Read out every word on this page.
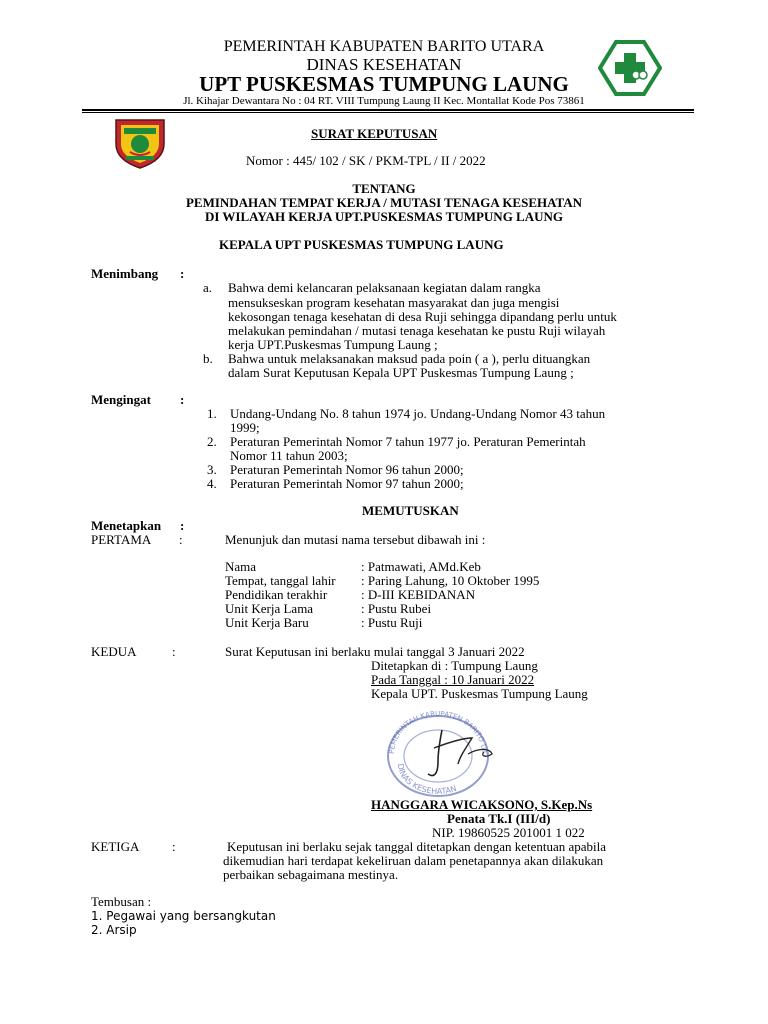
PEMERINTAH KABUPATEN BARITO UTARA
DINAS KESEHATAN
UPT PUSKESMAS TUMPUNG LAUNG
Jl. Kihajar Dewantara No : 04 RT. VIII Tumpung Laung II Kec. Montallat Kode Pos 73861
SURAT KEPUTUSAN
Nomor : 445/ 102 / SK / PKM-TPL / II / 2022
TENTANG
PEMINDAHAN TEMPAT KERJA / MUTASI TENAGA KESEHATAN
DI WILAYAH KERJA UPT.PUSKESMAS TUMPUNG LAUNG
KEPALA UPT PUSKESMAS TUMPUNG LAUNG
Menimbang :
a. Bahwa demi kelancaran pelaksanaan kegiatan dalam rangka
mensukseskan program kesehatan masyarakat dan juga mengisi
kekosongan tenaga kesehatan di desa Ruji sehingga dipandang perlu untuk
melakukan pemindahan / mutasi tenaga kesehatan ke pustu Ruji wilayah
kerja UPT.Puskesmas Tumpung Laung ;
b. Bahwa untuk melaksanakan maksud pada poin ( a ), perlu dituangkan
dalam Surat Keputusan Kepala UPT Puskesmas Tumpung Laung ;
Mengingat :
1. Undang-Undang No. 8 tahun 1974 jo. Undang-Undang Nomor 43 tahun
1999;
2. Peraturan Pemerintah Nomor 7 tahun 1977 jo. Peraturan Pemerintah
Nomor 11 tahun 2003;
3. Peraturan Pemerintah Nomor 96 tahun 2000;
4. Peraturan Pemerintah Nomor 97 tahun 2000;
MEMUTUSKAN
Menetapkan :
PERTAMA :	Menunjuk dan mutasi nama tersebut dibawah ini :
Nama	: Patmawati, AMd.Keb
Tempat, tanggal lahir : Paring Lahung, 10 Oktober 1995
Pendidikan terakhir	: D-III KEBIDANAN
Unit Kerja Lama	: Pustu Rubei
Unit Kerja Baru	: Pustu Ruji
KEDUA	:	Surat Keputusan ini berlaku mulai tanggal 3 Januari 2022
Ditetapkan di : Tumpung Laung
Pada Tanggal : 10 Januari 2022
Kepala UPT. Puskesmas Tumpung Laung
PEMERINTAH KABUPATEN BARITO UT
DINAS KESEHATAN
HANGGARA WICAKSONO, S.Kep.Ns
Penata Tk.I (III/d)
NIP. 19860525 201001 1 022
KETIGA	:	Keputusan ini berlaku sejak tanggal ditetapkan dengan ketentuan apabila
dikemudian hari terdapat kekeliruan dalam penetapannya akan dilakukan
perbaikan sebagaimana mestinya.
Tembusan :
1. Pegawai yang bersangkutan
2. Arsip
